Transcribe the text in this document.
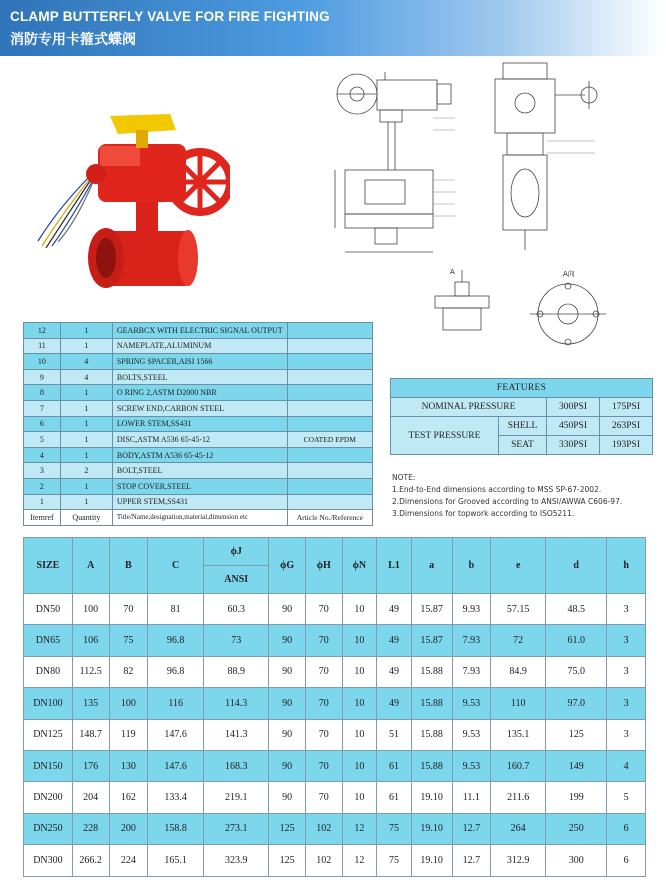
CLAMP BUTTERFLY VALVE FOR FIRE FIGHTING
消防专用卡箍式蝶阀
A	A向
12	1	GEARBCX WITH ELECTRIC SIGNAL OUTPUT	
11	1	NAMEPLATE,ALUMINUM	
10	4	SPRING SPACER,AISI 1566	
9	4	BOLTS,STEEL	
8	1	O RING 2,ASTM D2000 NBR	
7	1	SCREW END,CARBON STEEL	
6	1	LOWER STEM,SS431	
5	1	DISC,ASTM A536 65-45-12	COATED EPDM
4	1	BODY,ASTM A536 65-45-12	
3	2	BOLT,STEEL	
2	1	STOP COVER,STEEL	
1	1	UPPER STEM,SS431	
Itemref	Quantity	Title/Name,designation,material,dimension etc	Article No./Reference
FEATURES			
NOMINAL PRESSURE		300PSI	175PSI
TEST PRESSURE	SHELL	450PSI	263PSI
	SEAT	330PSI	193PSI
NOTE:
1.End-to-End dimensions according to MSS SP-67-2002.
2.Dimensions for Grooved according to ANSI/AWWA C606-97.
3.Dimensions for topwork according to ISO5211.
SIZE	A	B	C	ϕJ	ϕG	ϕH	ϕN	L1	a	b	e	d	h
				ANSI									
DN50	100	70	81	60.3	90	70	10	49	15.87	9.93	57.15	48.5	3
DN65	106	75	96.8	73	90	70	10	49	15.87	7.93	72	61.0	3
DN80	112.5	82	96.8	88.9	90	70	10	49	15.88	7.93	84.9	75.0	3
DN100	135	100	116	114.3	90	70	10	49	15.88	9.53	110	97.0	3
DN125	148.7	119	147.6	141.3	90	70	10	51	15.88	9.53	135.1	125	3
DN150	176	130	147.6	168.3	90	70	10	61	15.88	9.53	160.7	149	4
DN200	204	162	133.4	219.1	90	70	10	61	19.10	11.1	211.6	199	5
DN250	228	200	158.8	273.1	125	102	12	75	19.10	12.7	264	250	6
DN300	266.2	224	165.1	323.9	125	102	12	75	19.10	12.7	312.9	300	6
